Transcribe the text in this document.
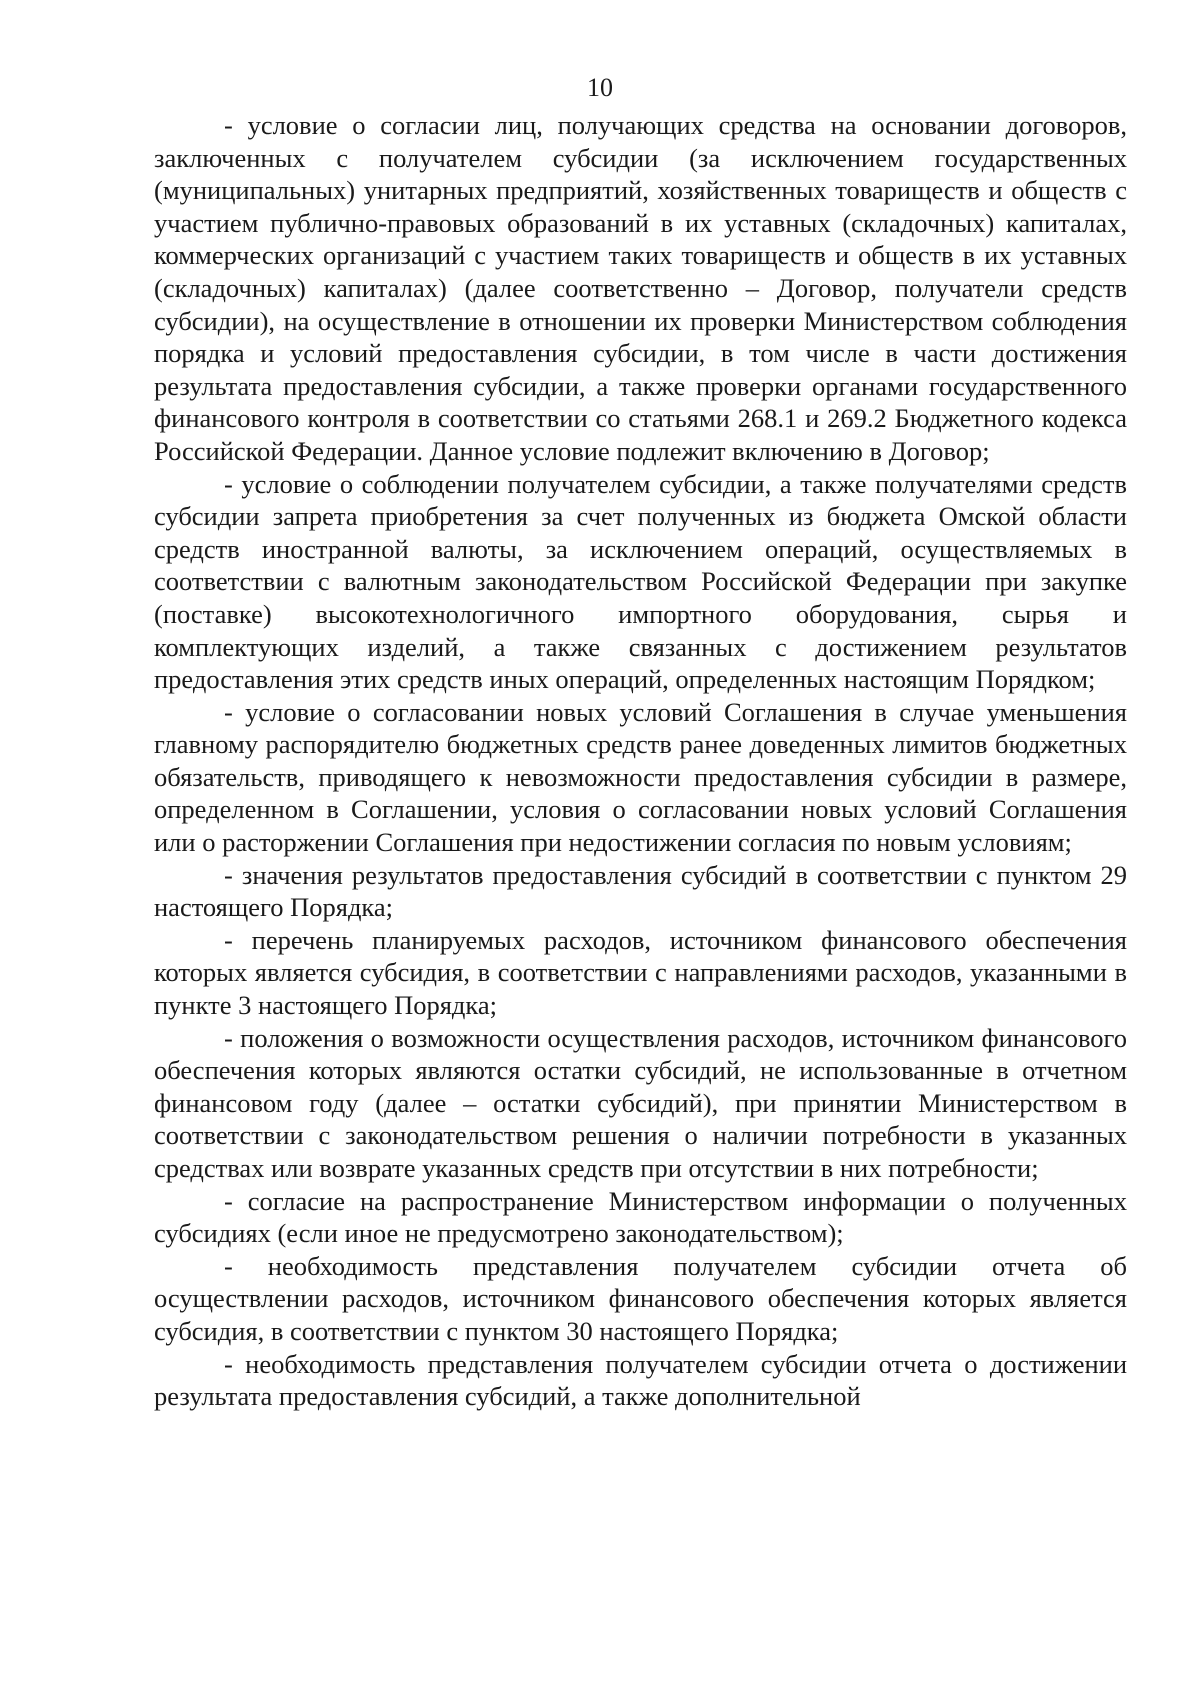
10

- условие о согласии лиц, получающих средства на основании договоров, заключенных с получателем субсидии (за исключением государственных (муниципальных) унитарных предприятий, хозяйственных товариществ и обществ с участием публично-правовых образований в их уставных (складочных) капиталах, коммерческих организаций с участием таких товариществ и обществ в их уставных (складочных) капиталах) (далее соответственно – Договор, получатели средств субсидии), на осуществление в отношении их проверки Министерством соблюдения порядка и условий предоставления субсидии, в том числе в части достижения результата предоставления субсидии, а также проверки органами государственного финансового контроля в соответствии со статьями 268.1 и 269.2 Бюджетного кодекса Российской Федерации. Данное условие подлежит включению в Договор;

- условие о соблюдении получателем субсидии, а также получателями средств субсидии запрета приобретения за счет полученных из бюджета Омской области средств иностранной валюты, за исключением операций, осуществляемых в соответствии с валютным законодательством Российской Федерации при закупке (поставке) высокотехнологичного импортного оборудования, сырья и комплектующих изделий, а также связанных с достижением результатов предоставления этих средств иных операций, определенных настоящим Порядком;

- условие о согласовании новых условий Соглашения в случае уменьшения главному распорядителю бюджетных средств ранее доведенных лимитов бюджетных обязательств, приводящего к невозможности предоставления субсидии в размере, определенном в Соглашении, условия о согласовании новых условий Соглашения или о расторжении Соглашения при недостижении согласия по новым условиям;

- значения результатов предоставления субсидий в соответствии с пунктом 29 настоящего Порядка;

- перечень планируемых расходов, источником финансового обеспечения которых является субсидия, в соответствии с направлениями расходов, указанными в пункте 3 настоящего Порядка;

- положения о возможности осуществления расходов, источником финансового обеспечения которых являются остатки субсидий, не использованные в отчетном финансовом году (далее – остатки субсидий), при принятии Министерством в соответствии с законодательством решения о наличии потребности в указанных средствах или возврате указанных средств при отсутствии в них потребности;

- согласие на распространение Министерством информации о полученных субсидиях (если иное не предусмотрено законодательством);

- необходимость представления получателем субсидии отчета об осуществлении расходов, источником финансового обеспечения которых является субсидия, в соответствии с пунктом 30 настоящего Порядка;

- необходимость представления получателем субсидии отчета о достижении результата предоставления субсидий, а также дополнительной
